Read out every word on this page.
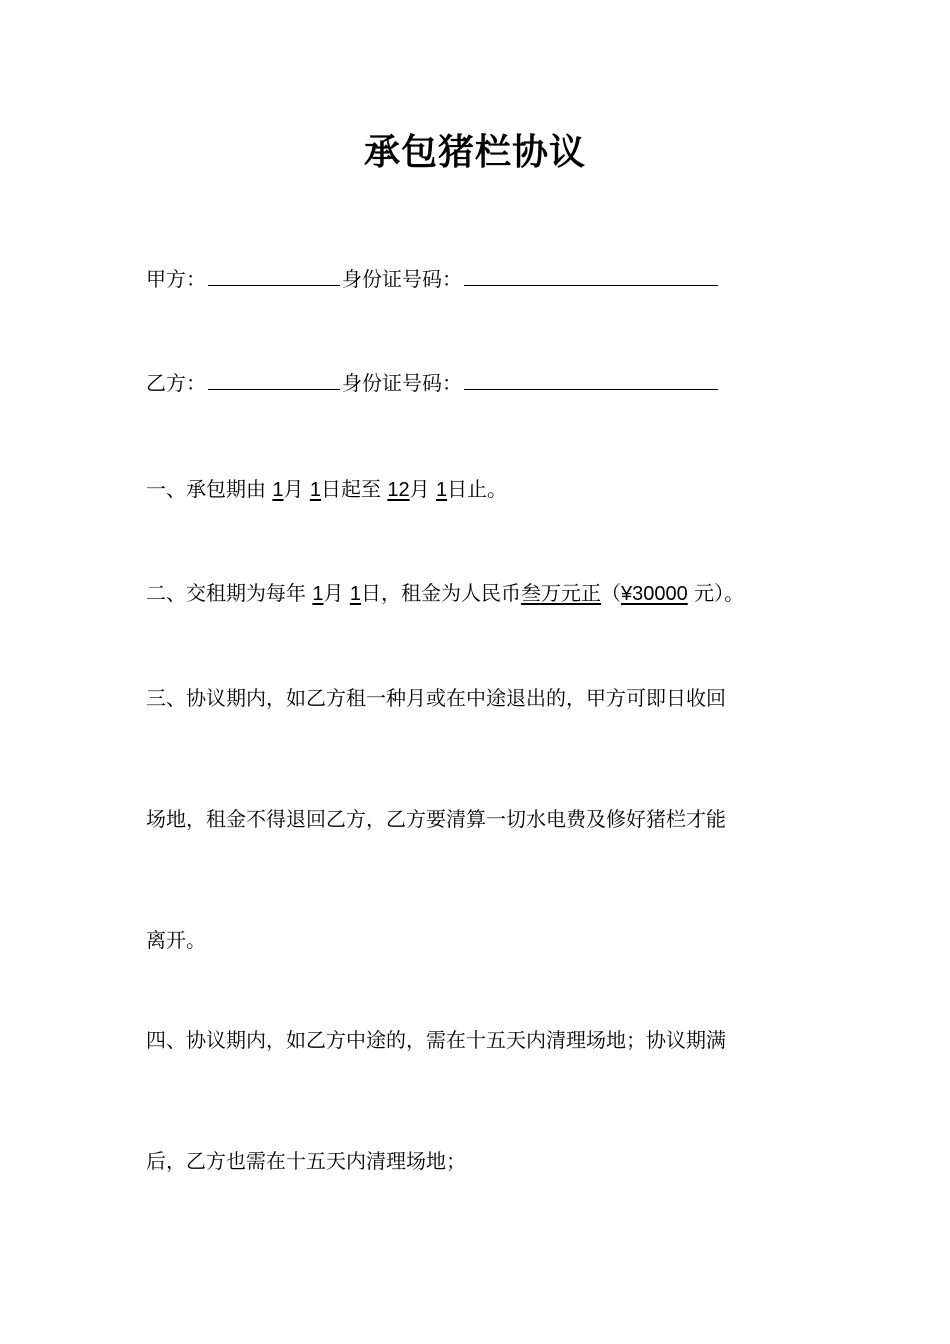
承包猪栏协议
甲方：	身份证号码：
乙方：	身份证号码：
一、承包期由 1月 1日起至 12月 1日止。
二、交租期为每年 1月 1日，租金为人民币叁万元正（¥30000 元）。
三、协议期内，如乙方租一种月或在中途退出的，甲方可即日收回
场地，租金不得退回乙方，乙方要清算一切水电费及修好猪栏才能
离开。
四、协议期内，如乙方中途的，需在十五天内清理场地；协议期满
后，乙方也需在十五天内清理场地；
